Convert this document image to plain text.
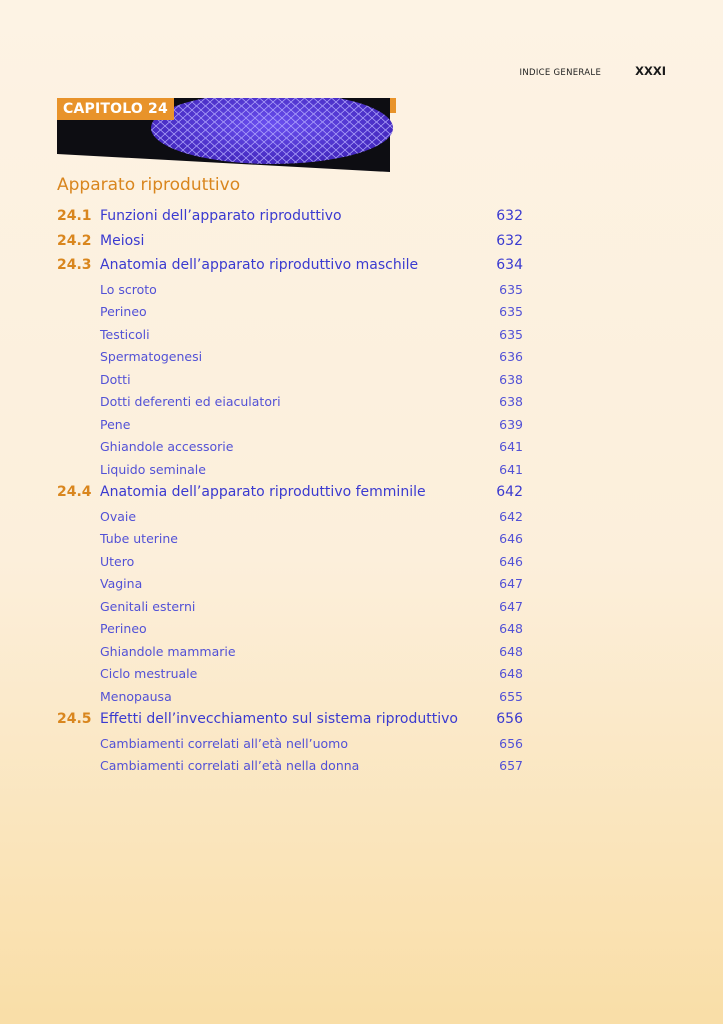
INDICE GENERALE	XXXI
CAPITOLO 24
Apparato riproduttivo
24.1 Funzioni dell’apparato riproduttivo	632
24.2 Meiosi	632
24.3 Anatomia dell’apparato riproduttivo maschile	634
Lo scroto	635
Perineo	635
Testicoli	635
Spermatogenesi	636
Dotti	638
Dotti deferenti ed eiaculatori	638
Pene	639
Ghiandole accessorie	641
Liquido seminale	641
24.4 Anatomia dell’apparato riproduttivo femminile	642
Ovaie	642
Tube uterine	646
Utero	646
Vagina	647
Genitali esterni	647
Perineo	648
Ghiandole mammarie	648
Ciclo mestruale	648
Menopausa	655
24.5 Effetti dell’invecchiamento sul sistema riproduttivo	656
Cambiamenti correlati all’età nell’uomo	656
Cambiamenti correlati all’età nella donna	657
